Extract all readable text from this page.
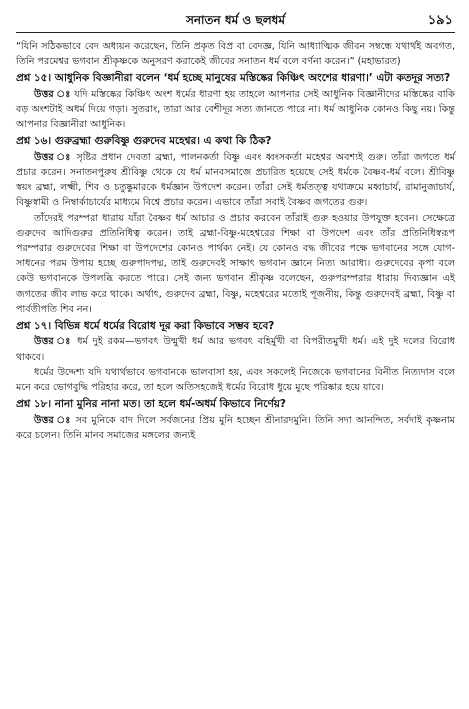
সনাতন ধর্ম ও ছলধর্ম	১৯১

“যিনি সঠিকভাবে বেদ অধ্যয়ন করেছেন, তিনি প্রকৃত বিপ্র বা বেদজ্ঞ, যিনি আধ্যাত্মিক জীবন সম্বন্ধে যথার্থই অবগত, তিনি পরমেশ্বর ভগবান শ্রীকৃষ্ণকে অনুসরণ করাকেই জীবের সনাতন ধর্ম বলে বর্ণনা করেন।” (মহাভারত)

প্রশ্ন ১৫। আধুনিক বিজ্ঞানীরা বলেন ‘ধর্ম হচ্ছে মানুষের মস্তিষ্কের কিঞ্চিৎ অংশের ধারণা।’ এটা কতদূর সত্য?

উত্তর ঃ যদি মস্তিষ্কের কিঞ্চিৎ অংশ ধর্মের ধারণা হয় তাহলে আপনার সেই আধুনিক বিজ্ঞানীদের মস্তিষ্কের বাকি বড় অংশটাই অধর্ম দিয়ে গড়া। সুতরাং, তারা আর বেশীদূর সত্য জানতে পারে না। ধর্ম আধুনিক কোনও কিছু নয়। কিন্তু আপনার বিজ্ঞানীরা আধুনিক।

প্রশ্ন ১৬। গুরুব্রহ্মা গুরুবিষ্ণু গুরুদেব মহেশ্বর। এ কথা কি ঠিক?

উত্তর ঃ সৃষ্টির প্রধান দেবতা ব্রহ্মা, পালনকর্তা বিষ্ণু এবং ধ্বংসকর্তা মহেশ্বর অবশ্যই গুরু। তাঁরা জগতে ধর্ম প্রচার করেন। সনাতনপুরুষ শ্রীবিষ্ণু থেকে যে ধর্ম মানবসমাজে প্রচারিত হয়েছে সেই ধর্মকে বৈষ্ণব-ধর্ম বলে। শ্রীবিষ্ণু স্বয়ং ব্রহ্মা, লক্ষ্মী, শিব ও চতুষ্কুমারকে ধর্মজ্ঞান উপদেশ করেন। তাঁরা সেই ধর্মতত্ত্ব যথাক্রমে মধ্বাচার্য, রামানুজাচার্য, বিষ্ণুস্বামী ও নিম্বার্কাচার্যের মাধ্যমে বিশ্বে প্রচার করেন। এভাবে তাঁরা সবাই বৈষ্ণব জগতের গুরু।

তাঁদেরই পরম্পরা ধারায় যাঁরা বৈষ্ণব ধর্ম আচার ও প্রচার করবেন তাঁরাই গুরু হওয়ার উপযুক্ত হবেন। সেক্ষেত্রে গুরুদেব আদিগুরুর প্রতিনিধিত্ব করেন। তাই ব্রহ্মা-বিষ্ণু-মহেশ্বরের শিক্ষা বা উপদেশ এবং তাঁর প্রতিনিধিস্বরূপ পরম্পরার গুরুদেবের শিক্ষা বা উপদেশের কোনও পার্থক্য নেই। যে কোনও বদ্ধ জীবের পক্ষে ভগবানের সঙ্গে যোগ-সাধনের পরম উপায় হচ্ছে গুরুপাদপদ্ম, তাই গুরুদেবই সাক্ষাৎ ভগবান জ্ঞানে নিত্য আরাধ্য। গুরুদেবের কৃপা বলে কেউ ভগবানকে উপলব্ধি করতে পারে। সেই জন্য ভগবান শ্রীকৃষ্ণ বলেছেন, গুরুপরম্পরার ধারায় দিব্যজ্ঞান এই জগতের জীব লাভ করে থাকে। অর্থাৎ, গুরুদেব ব্রহ্মা, বিষ্ণু, মহেশ্বরের মতোই পূজনীয়, কিন্তু গুরুদেবই ব্রহ্মা, বিষ্ণু বা পার্বতীপতি শিব নন।

প্রশ্ন ১৭। বিভিন্ন ধর্মে ধর্মের বিরোধ দূর করা কিভাবে সম্ভব হবে?

উত্তর ঃ ধর্ম দুই রকম—ভগবৎ উন্মুখী ধর্ম আর ভগবৎ বহির্মুখী বা বিপরীতমুখী ধর্ম। এই দুই দলের বিরোধ থাকবে।

ধর্মের উদ্দেশ্য যদি যথার্থভাবে ভগবানকে ভালবাসা হয়, এবং সকলেই নিজেকে ভগবানের বিনীত নিত্যদাস বলে মনে করে ভোগবুদ্ধি পরিহার করে, তা হলে অতিসহজেই ধর্মের বিরোধ ধুয়ে মুছে পরিষ্কার হয়ে যাবে।

প্রশ্ন ১৮। নানা মুনির নানা মত। তা হলে ধর্ম-অধর্ম কিভাবে নির্ণেয়?

উত্তর ঃ সব মুনিকে বাদ দিলে সর্বজনের প্রিয় মুনি হচ্ছেন শ্রীনারদমুনি। তিনি সদা আনন্দিত, সর্বদাই কৃষ্ণনাম করে চলেন। তিনি মানব সমাজের মঙ্গলের জন্যই
